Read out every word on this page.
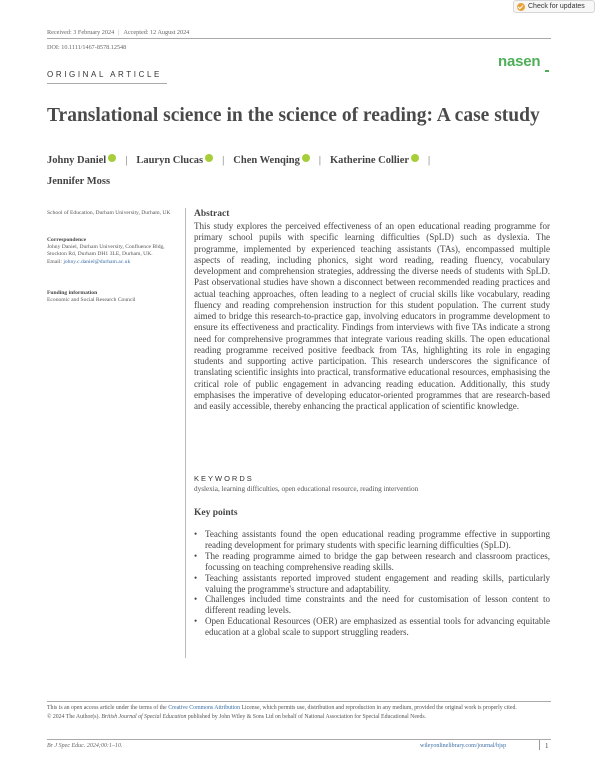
Check for updates
Received: 3 February 2024 | Accepted: 12 August 2024
DOI: 10.1111/1467-8578.12548
ORIGINAL ARTICLE
nasen
Translational science in the science of reading: A case study
Johny Daniel iD | Lauryn Clucas iD | Chen Wenqing iD | Katherine Collier iD |
Jennifer Moss
School of Education, Durham University, Durham, UK
Correspondence
Johny Daniel, Durham University, Confluence Bldg, Stockton Rd, Durham DH1 3LE, Durham, UK.
Email: johny.c.daniel@durham.ac.uk
Funding information
Economic and Social Research Council
Abstract
This study explores the perceived effectiveness of an open educational reading programme for primary school pupils with specific learning difficulties (SpLD) such as dyslexia. The programme, implemented by experienced teaching assistants (TAs), encompassed multiple aspects of reading, including phonics, sight word reading, reading fluency, vocabulary development and comprehension strategies, addressing the diverse needs of students with SpLD. Past observational studies have shown a disconnect between recommended reading practices and actual teaching approaches, often leading to a neglect of crucial skills like vocabulary, reading fluency and reading comprehension instruction for this student population. The current study aimed to bridge this research-to-practice gap, involving educators in programme development to ensure its effectiveness and practicality. Findings from interviews with five TAs indicate a strong need for comprehensive programmes that integrate various reading skills. The open educational reading programme received positive feedback from TAs, highlighting its role in engaging students and supporting active participation. This research underscores the significance of translating scientific insights into practical, transformative educational resources, emphasising the critical role of public engagement in advancing reading education. Additionally, this study emphasises the imperative of developing educator-oriented programmes that are research-based and easily accessible, thereby enhancing the practical application of scientific knowledge.
KEYWORDS
dyslexia, learning difficulties, open educational resource, reading intervention
Key points
• Teaching assistants found the open educational reading programme effective in supporting reading development for primary students with specific learning difficulties (SpLD).
• The reading programme aimed to bridge the gap between research and classroom practices, focussing on teaching comprehensive reading skills.
• Teaching assistants reported improved student engagement and reading skills, particularly valuing the programme's structure and adaptability.
• Challenges included time constraints and the need for customisation of lesson content to different reading levels.
• Open Educational Resources (OER) are emphasized as essential tools for advancing equitable education at a global scale to support struggling readers.
This is an open access article under the terms of the Creative Commons Attribution License, which permits use, distribution and reproduction in any medium, provided the original work is properly cited.
© 2024 The Author(s). British Journal of Special Education published by John Wiley & Sons Ltd on behalf of National Association for Special Educational Needs.
Br J Spec Educ. 2024;00:1–10.	wileyonlinelibrary.com/journal/bjsp	1
